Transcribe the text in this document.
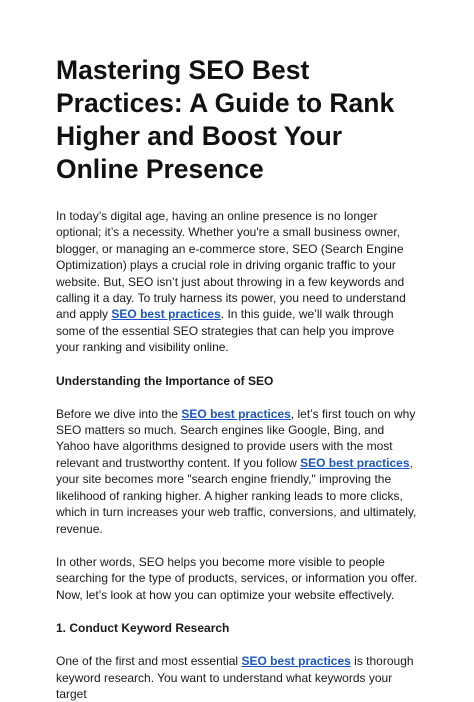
Mastering SEO Best Practices: A Guide to Rank Higher and Boost Your Online Presence

In today’s digital age, having an online presence is no longer optional; it’s a necessity. Whether you're a small business owner, blogger, or managing an e-commerce store, SEO (Search Engine Optimization) plays a crucial role in driving organic traffic to your website. But, SEO isn’t just about throwing in a few keywords and calling it a day. To truly harness its power, you need to understand and apply SEO best practices. In this guide, we’ll walk through some of the essential SEO strategies that can help you improve your ranking and visibility online.

Understanding the Importance of SEO

Before we dive into the SEO best practices, let’s first touch on why SEO matters so much. Search engines like Google, Bing, and Yahoo have algorithms designed to provide users with the most relevant and trustworthy content. If you follow SEO best practices, your site becomes more "search engine friendly," improving the likelihood of ranking higher. A higher ranking leads to more clicks, which in turn increases your web traffic, conversions, and ultimately, revenue.

In other words, SEO helps you become more visible to people searching for the type of products, services, or information you offer. Now, let’s look at how you can optimize your website effectively.

1. Conduct Keyword Research

One of the first and most essential SEO best practices is thorough keyword research. You want to understand what keywords your target
